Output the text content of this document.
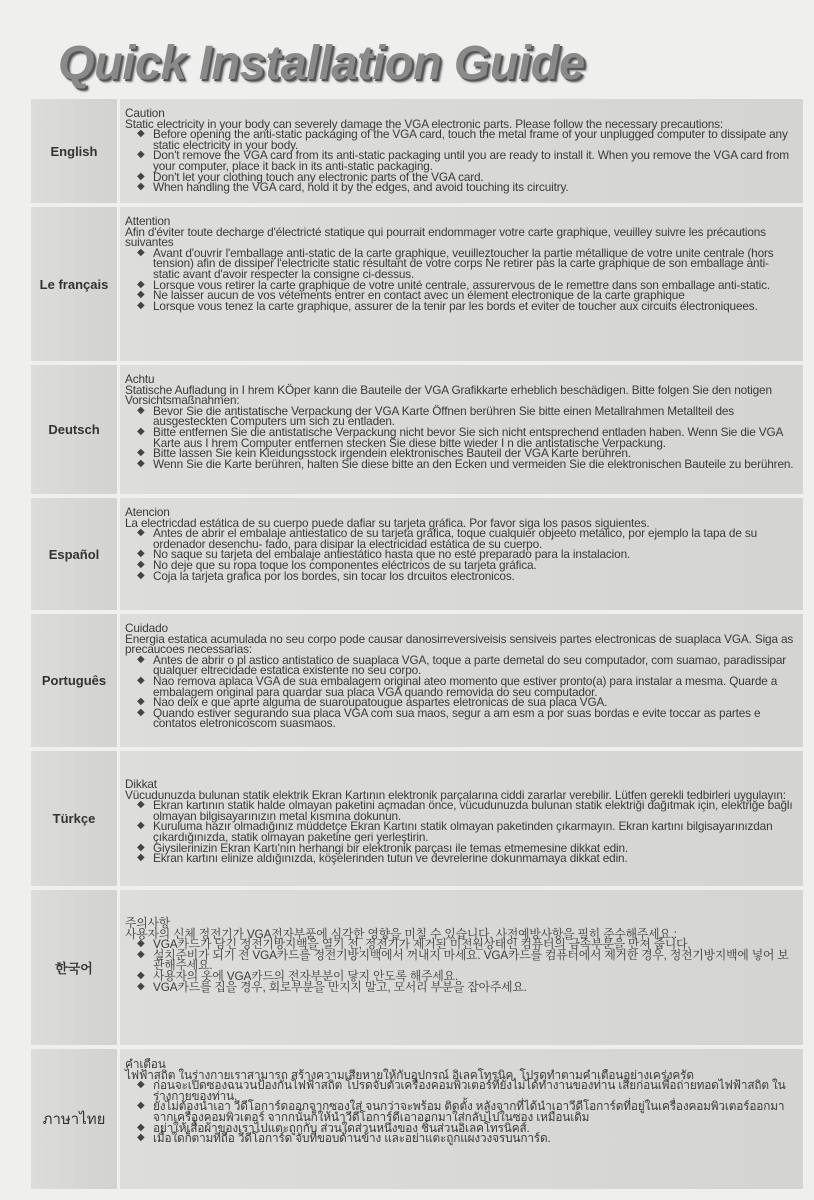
Quick Installation Guide
English
Caution
Static electricity in your body can severely damage the VGA electronic parts. Please follow the necessary precautions:
◆ Before opening the anti-static packaging of the VGA card, touch the metal frame of your unplugged computer to dissipate any static electricity in your body.
◆ Don't remove the VGA card from its anti-static packaging until you are ready to install it. When you remove the VGA card from your computer, place it back in its anti-static packaging.
◆ Don't let your clothing touch any electronic parts of the VGA card.
◆ When handling the VGA card, hold it by the edges, and avoid touching its circuitry.
Le français
Attention
Afin d'éviter toute decharge d'électricté statique qui pourrait endommager votre carte graphique, veuilley suivre les précautions suivantes
◆ Avant d'ouvrir l'emballage anti-static de la carte graphique, veuilleztoucher la partie métallique de votre unite centrale (hors tension) afin de dissiper l'electricite static résultant de votre corps Ne retirer pas la carte graphique de son emballage anti-static avant d'avoir respecter la consigne ci-dessus.
◆ Lorsque vous retirer la carte graphique de votre unité centrale, assurervous de le remettre dans son emballage anti-static.
◆ Ne laisser aucun de vos vétements entrer en contact avec un élement electronique de la carte graphique
◆ Lorsque vous tenez la carte graphique, assurer de la tenir par les bords et eviter de toucher aux circuits électroniquees.
Deutsch
Achtu
Statische Aufladung in I hrem KÖper kann die Bauteile der VGA Grafikkarte erheblich beschädigen. Bitte folgen Sie den notigen Vorsichtsmaßnahmen:
◆ Bevor Sie die antistatische Verpackung der VGA Karte Öffnen berühren Sie bitte einen Metallrahmen Metallteil des ausgesteckten Computers um sich zu entladen.
◆ Bitte entfernen Sie die antistatische Verpackung nicht bevor Sie sich nicht entsprechend entladen haben. Wenn Sie die VGA Karte aus I hrem Computer entfernen stecken Sie diese bitte wieder I n die antistatische Verpackung.
◆ Bitte lassen Sie kein Kleidungsstock irgendein elektronisches Bauteil der VGA Karte berühren.
◆ Wenn Sie die Karte berühren, halten Sie diese bitte an den Ecken und vermeiden Sie die elektronischen Bauteile zu berühren.
Español
Atencion
La electricdad estática de su cuerpo puede dafiar su tarjeta gráfica. Por favor siga los pasos siguientes.
◆ Antes de abrir el embalaje antiestatico de su tarjeta gráfica, toque cualquier objeeto metálico, por ejemplo la tapa de su ordenador desenchu- fado, para disipar la electricidad estática de su cuerpo.
◆ No saque su tarjeta del embalaje antiestático hasta que no esté preparado para la instalacion.
◆ No deje que su ropa toque los componentes eléctricos de su tarjeta gráfica.
◆ Coja la tarjeta grafica por los bordes, sin tocar los drcuitos electronicos.
Português
Cuidado
Energia estatica acumulada no seu corpo pode causar danosirreversiveisis sensiveis partes electronicas de suaplaca VGA. Siga as precaucoes necessarias:
◆ Antes de abrir o pl astico antistatico de suaplaca VGA, toque a parte demetal do seu computador, com suamao, paradissipar qualquer eltrecidade estatica existente no seu corpo.
◆ Nao remova aplaca VGA de sua embalagem original ateo momento que estiver pronto(a) para instalar a mesma. Quarde a embalagem original para quardar sua placa VGA quando removida do seu computador.
◆ Nao deix e que aprte alguma de suaroupatougue aspartes eletronicas de sua placa VGA.
◆ Quando estiver segurando sua placa VGA com sua maos, segur a am esm a por suas bordas e evite toccar as partes e contatos eletronicoscom suasmaos.
Türkçe
Dikkat
Vücudunuzda bulunan statik elektrik Ekran Kartının elektronik parçalarına ciddi zararlar verebilir. Lütfen gerekli tedbirleri uygulayın:
◆ Ekran kartının statik halde olmayan paketini açmadan önce, vücudunuzda bulunan statik elektriği dağıtmak için, elektriğe bağlı olmayan bilgisayarınızın metal kısmına dokunun.
◆ Kuruluma hazır olmadığınız müddetçe Ekran Kartını statik olmayan paketinden çıkarmayın. Ekran kartını bilgisayarınızdan çıkardığınızda, statik olmayan paketine geri yerleştirin.
◆ Giysilerinizin Ekran Kartı'nın herhangi bir elektronik parçası ile temas etmemesine dikkat edin.
◆ Ekran kartını elinize aldığınızda, köşelerinden tutun ve devrelerine dokunmamaya dikkat edin.
한국어
주의사항
사용자의 신체 정전기가 VGA전자부품에 심각한 영향을 미칠 수 있습니다. 사전예방사항을 필히 준수해주세요.:
◆ VGA카드가 담긴 정전기방지백을 열기 전, 정전기가 제거된 미전원상태인 컴퓨터의 금속부분을 만져 줍니다.
◆ 설치준비가 되기 전 VGA카드를 정전기방지백에서 꺼내지 마세요. VGA카드를 컴퓨터에서 제거한 경우, 정전기방지백에 넣어 보관해주세요.
◆ 사용자의 옷에 VGA카드의 전자부분이 닿지 안도록 해주세요.
◆ VGA카드를 집을 경우, 회로부분을 만지지 말고, 모서리 부분을 잡아주세요.
ภาษาไทย
คำเตือน
ไฟฟ้าสถิต ในร่างกายเราสามารถ สร้างความเสียหายให้กับอุปกรณ์ อิเลคโทรนิค, โปรดทำตามคำเตือนอย่างเคร่งครัด
◆ ก่อนจะเปิดซองฉนวนป้องกันไฟฟ้าสถิต โปรดจับตัวเครื่องคอมพิวเตอร์ที่ยังไม่ได้ทำงานของท่าน เสียก่อนเพื่อถ่ายทอดไฟฟ้าสถิต ในร่างกายของท่าน.
◆ ยังไม่ต้องนำเอา วีดีโอการ์ดออกจากซองใส่ จนกว่าจะพร้อม ติดตั้ง หลังจากที่ได้นำเอาวีดีโอการ์ดที่อยู่ในเครื่องคอมพิวเตอร์ออกมาจากเครื่องคอมพิวเตอร์ จากกนั้นก็ให้นำวีดีโอการ์ดีเอาออกมาใส่กลับไปในซอง เหมือนเดิม
◆ อย่าให้เสื้อผ้าของเราไปแตะถูกกับ ส่วนใดส่วนหนึ่งของ ชิ้นส่วนอิเลคโทรนิคส์.
◆ เมื่อใดก็ตามที่ถือ วีดีโอการ์ด จับที่ขอบด้านข้าง และอย่าแตะถูกแผงวงจรบนการ์ด.
